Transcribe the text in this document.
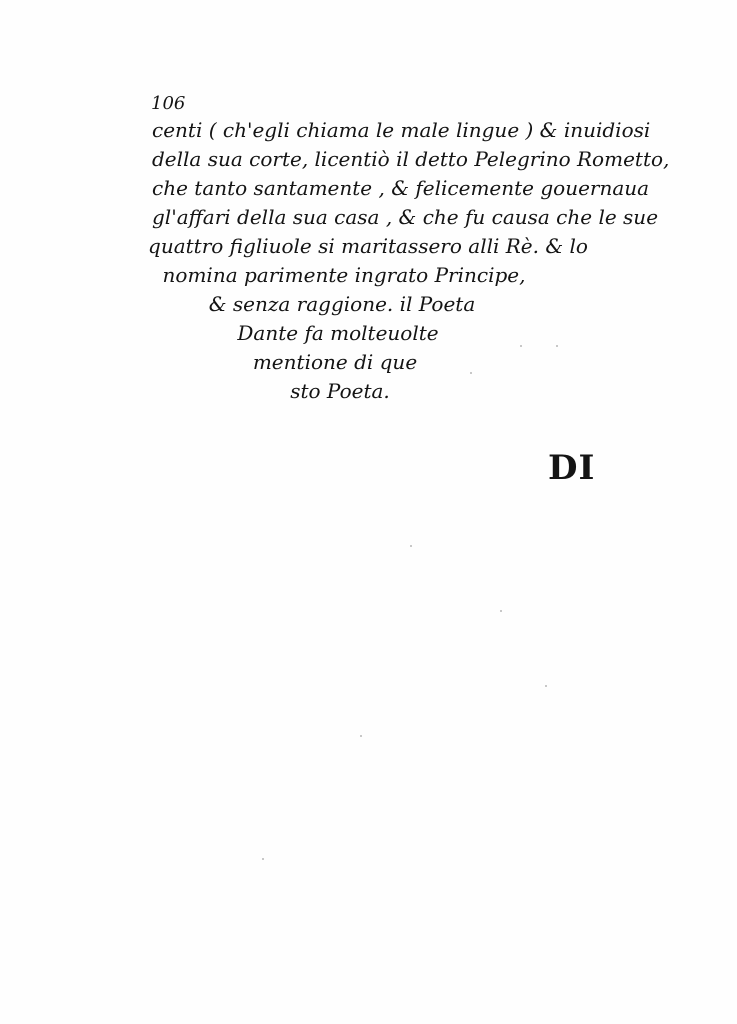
106
centi ( ch'egli chiama le male lingue ) & inuidiosi
della sua corte, licentiò il detto Pelegrino Rometto,
che tanto santamente , & felicemente gouernaua
gl'affari della sua casa , & che fu causa che le sue
quattro figliuole si maritassero alli Rè. & lo
nomina parimente ingrato Principe,
& senza raggione. il Poeta
Dante fa molteuolte
mentione di que
sto Poeta.
DI
